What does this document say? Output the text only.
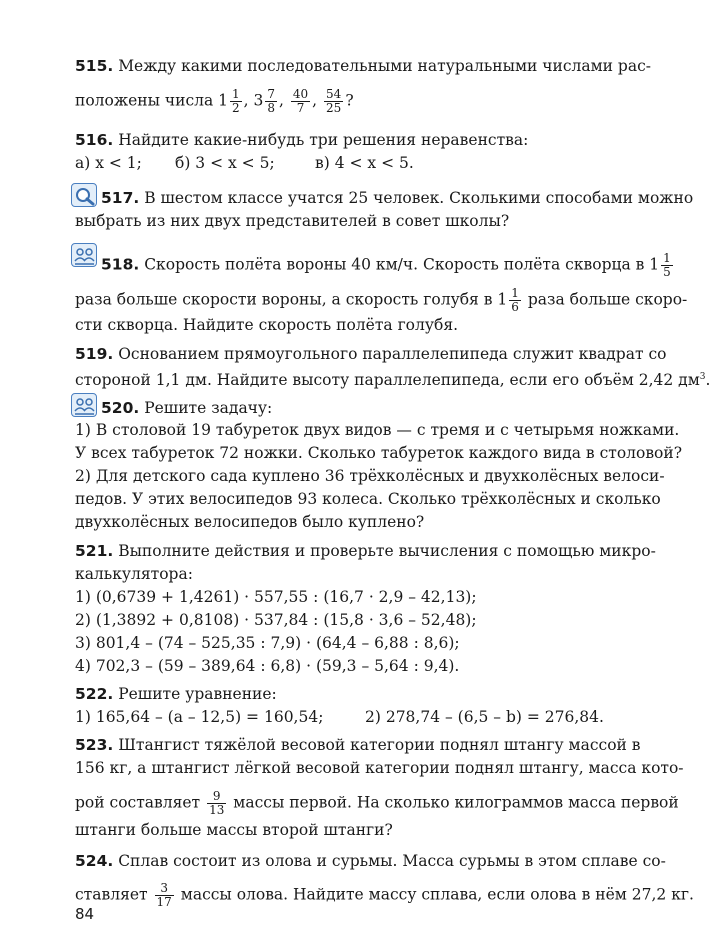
515. Между какими последовательными натуральными числами рас-
положены числа $1 \frac{1}{2}$ , $3 \frac{7}{8}$ , $\frac{40}{7}$ , $\frac{54}{25}$ ?
516. Найдите какие-нибудь три решения неравенства:
а) x < 1; б) 3 < x < 5;	в) 4 < x < 5.
517. В шестом классе учатся 25 человек. Сколькими способами можно
выбрать из них двух представителей в совет школы?
518. Скорость полёта вороны 40 км/ч. Скорость полёта скворца в $1 \frac{1}{5}$
раза больше скорости вороны, а скорость голубя в $1 \frac{1}{6}$ раза больше скоро-
сти скворца. Найдите скорость полёта голубя.
519. Основанием прямоугольного параллелепипеда служит квадрат со
стороной 1,1 дм. Найдите высоту параллелепипеда, если его объём 2,42 $дм^3$.
520. Решите задачу:
1) В столовой 19 табуреток двух видов — с тремя и с четырьмя ножками.
У всех табуреток 72 ножки. Сколько табуреток каждого вида в столовой?
2) Для детского сада куплено 36 трёхколёсных и двухколёсных велоси-
педов. У этих велосипедов 93 колеса. Сколько трёхколёсных и сколько
двухколёсных велосипедов было куплено?
521. Выполните действия и проверьте вычисления с помощью микро-
калькулятора:
1) (0,6739 + 1,4261) · 557,55 : (16,7 · 2,9 – 42,13);
2) (1,3892 + 0,8108) · 537,84 : (15,8 · 3,6 – 52,48);
3) 801,4 – (74 – 525,35 : 7,9) · (64,4 – 6,88 : 8,6);
4) 702,3 – (59 – 389,64 : 6,8) · (59,3 – 5,64 : 9,4).
522. Решите уравнение:
1) 165,64 – (a – 12,5) = 160,54;	2) 278,74 – (6,5 – b) = 276,84.
523. Штангист тяжёлой весовой категории поднял штангу массой в
156 кг, а штангист лёгкой весовой категории поднял штангу, масса кото-
рой составляет $\frac{9}{13}$ массы первой. На сколько килограммов масса первой
штанги больше массы второй штанги?
524. Сплав состоит из олова и сурьмы. Масса сурьмы в этом сплаве со-
ставляет $\frac{3}{17}$ массы олова. Найдите массу сплава, если олова в нём 27,2 кг.
84
